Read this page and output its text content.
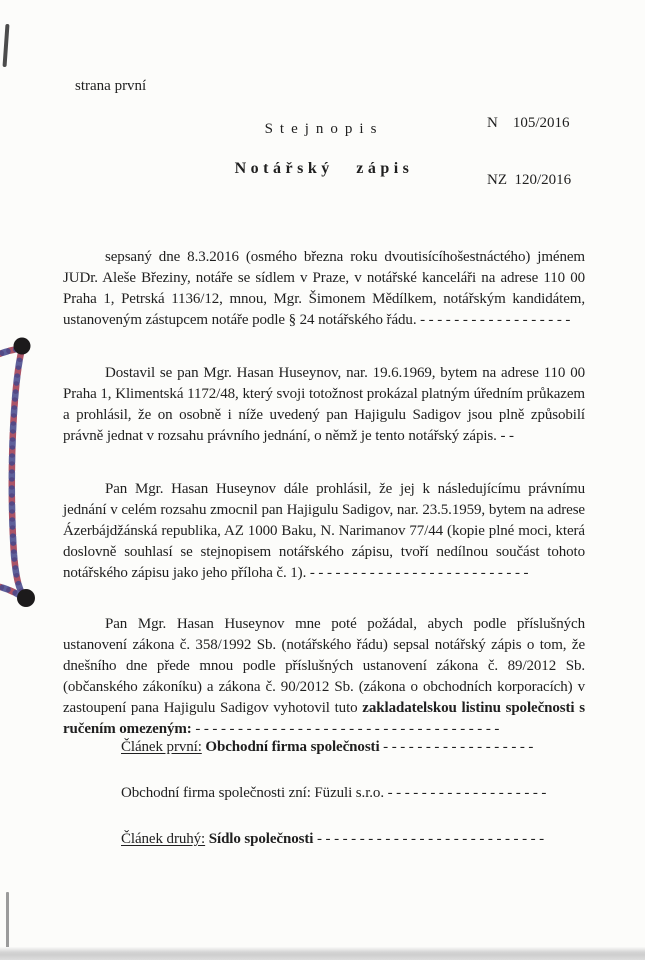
strana první

N    105/2016

NZ  120/2016

Stejnopis
Notářský zápis

sepsaný dne 8.3.2016 (osmého března roku dvoutisícíhošestnáctého) jménem JUDr. Aleše Březiny, notáře se sídlem v Praze, v notářské kanceláři na adrese 110 00 Praha 1, Petrská 1136/12, mnou, Mgr. Šimonem Mědílkem, notářským kandidátem, ustanoveným zástupcem notáře podle § 24 notářského řádu. - - - - - - - - - - - - - - - - - -

Dostavil se pan Mgr. Hasan Huseynov, nar. 19.6.1969, bytem na adrese 110 00 Praha 1, Klimentská 1172/48, který svoji totožnost prokázal platným úředním průkazem a prohlásil, že on osobně i níže uvedený pan Hajigulu Sadigov jsou plně způsobilí právně jednat v rozsahu právního jednání, o němž je tento notářský zápis. - -

Pan Mgr. Hasan Huseynov dále prohlásil, že jej k následujícímu právnímu jednání v celém rozsahu zmocnil pan Hajigulu Sadigov, nar. 23.5.1959, bytem na adrese Ázerbájdžánská republika, AZ 1000 Baku, N. Narimanov 77/44 (kopie plné moci, která doslovně souhlasí se stejnopisem notářského zápisu, tvoří nedílnou součást tohoto notářského zápisu jako jeho příloha č. 1). - - - - - - - - - - - - - - - - - - - - - - - - - -

Pan Mgr. Hasan Huseynov mne poté požádal, abych podle příslušných ustanovení zákona č. 358/1992 Sb. (notářského řádu) sepsal notářský zápis o tom, že dnešního dne přede mnou podle příslušných ustanovení zákona č. 89/2012 Sb. (občanského zákoníku) a zákona č. 90/2012 Sb. (zákona o obchodních korporacích) v zastoupení pana Hajigulu Sadigov vyhotovil tuto zakladatelskou listinu společnosti s ručením omezeným: - - - - - - - - - - - - - - - - - - - - - - - - - - - - - - - - - - - -

Článek první: Obchodní firma společnosti - - - - - - - - - - - - - - - - - -
Obchodní firma společnosti zní: Füzuli s.r.o. - - - - - - - - - - - - - - - - - - -
Článek druhý: Sídlo společnosti - - - - - - - - - - - - - - - - - - - - - - - - - - -
